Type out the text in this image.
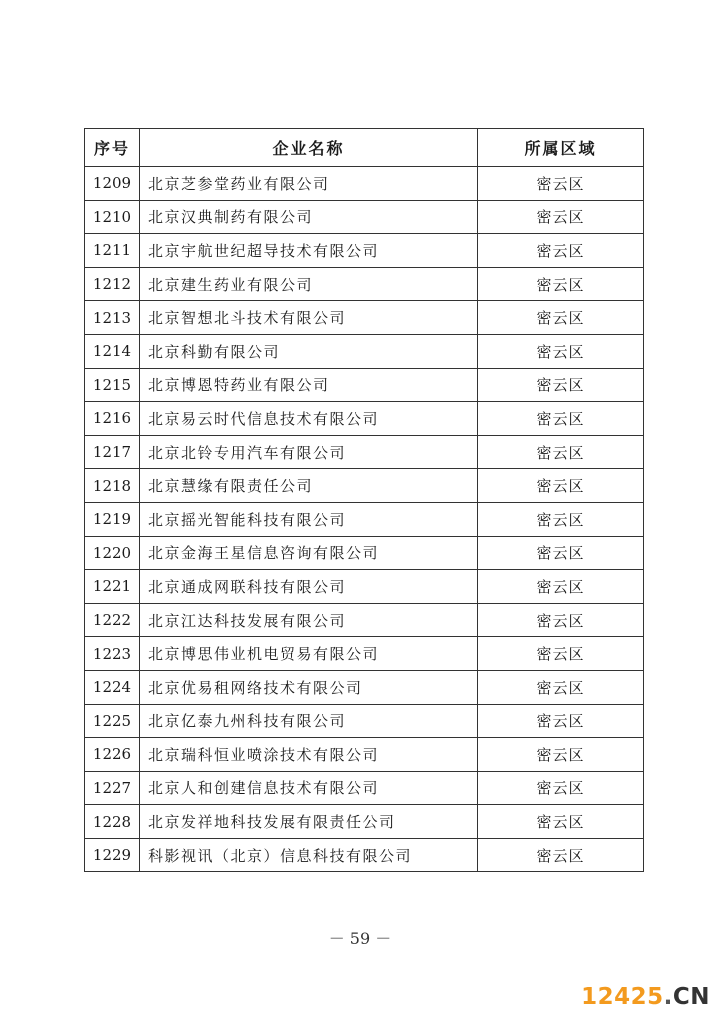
序号	企业名称	所属区域
1209	北京芝参堂药业有限公司	密云区
1210	北京汉典制药有限公司	密云区
1211	北京宇航世纪超导技术有限公司	密云区
1212	北京建生药业有限公司	密云区
1213	北京智想北斗技术有限公司	密云区
1214	北京科勤有限公司	密云区
1215	北京博恩特药业有限公司	密云区
1216	北京易云时代信息技术有限公司	密云区
1217	北京北铃专用汽车有限公司	密云区
1218	北京慧缘有限责任公司	密云区
1219	北京摇光智能科技有限公司	密云区
1220	北京金海王星信息咨询有限公司	密云区
1221	北京通成网联科技有限公司	密云区
1222	北京江达科技发展有限公司	密云区
1223	北京博思伟业机电贸易有限公司	密云区
1224	北京优易租网络技术有限公司	密云区
1225	北京亿泰九州科技有限公司	密云区
1226	北京瑞科恒业喷涂技术有限公司	密云区
1227	北京人和创建信息技术有限公司	密云区
1228	北京发祥地科技发展有限责任公司	密云区
1229	科影视讯（北京）信息科技有限公司	密云区
－ 59 －
12425.CN
